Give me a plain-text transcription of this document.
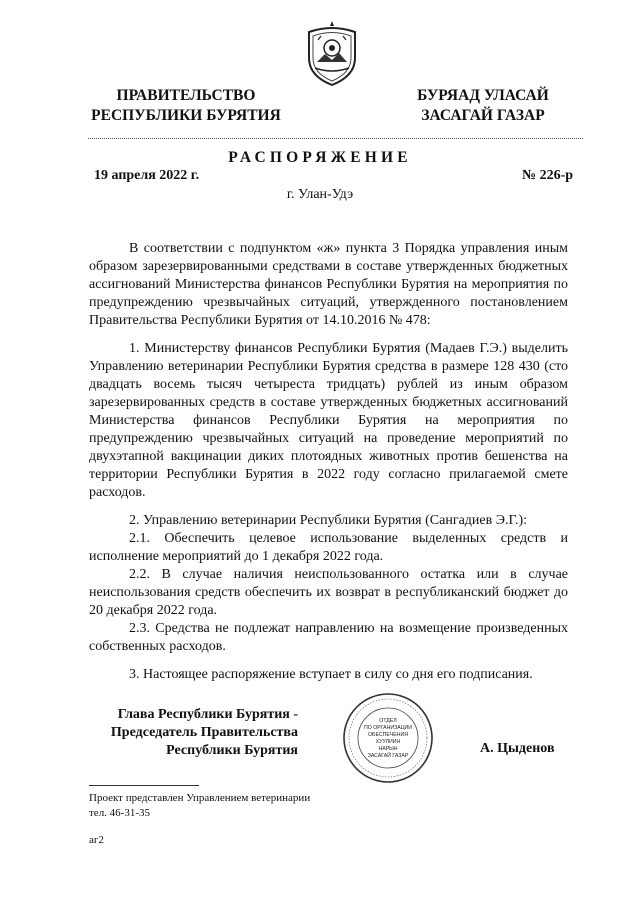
ПРАВИТЕЛЬСТВО
РЕСПУБЛИКИ БУРЯТИЯ
БУРЯАД УЛАСАЙ
ЗАСАГАЙ ГАЗАР
РАСПОРЯЖЕНИЕ
19 апреля 2022 г.	№ 226-р
г. Улан-Удэ

В соответствии с подпунктом «ж» пункта 3 Порядка управления иным образом зарезервированными средствами в составе утвержденных бюджетных ассигнований Министерства финансов Республики Бурятия на мероприятия по предупреждению чрезвычайных ситуаций, утвержденного постановлением Правительства Республики Бурятия от 14.10.2016 № 478:

1. Министерству финансов Республики Бурятия (Мадаев Г.Э.) выделить Управлению ветеринарии Республики Бурятия средства в размере 128 430 (сто двадцать восемь тысяч четыреста тридцать) рублей из иным образом зарезервированных средств в составе утвержденных бюджетных ассигнований Министерства финансов Республики Бурятия на мероприятия по предупреждению чрезвычайных ситуаций на проведение мероприятий по двухэтапной вакцинации диких плотоядных животных против бешенства на территории Республики Бурятия в 2022 году согласно прилагаемой смете расходов.

2. Управлению ветеринарии Республики Бурятия (Сангадиев Э.Г.):

2.1. Обеспечить целевое использование выделенных средств и исполнение мероприятий до 1 декабря 2022 года.

2.2. В случае наличия неиспользованного остатка или в случае неиспользования средств обеспечить их возврат в республиканский бюджет до 20 декабря 2022 года.

2.3. Средства не подлежат направлению на возмещение произведенных собственных расходов.

3. Настоящее распоряжение вступает в силу со дня его подписания.

Глава Республики Бурятия -
Председатель Правительства
Республики Бурятия
ОТДЕЛ
ПО ОРГАНИЗАЦИИ
ОБЕСПЕЧЕНИЯ
ХУУЛИИН
НАРЫН
ЗАСАГАЙ ГАЗАР	А. Цыденов
Проект представлен Управлением ветеринарии
тел. 46-31-35
аг2
